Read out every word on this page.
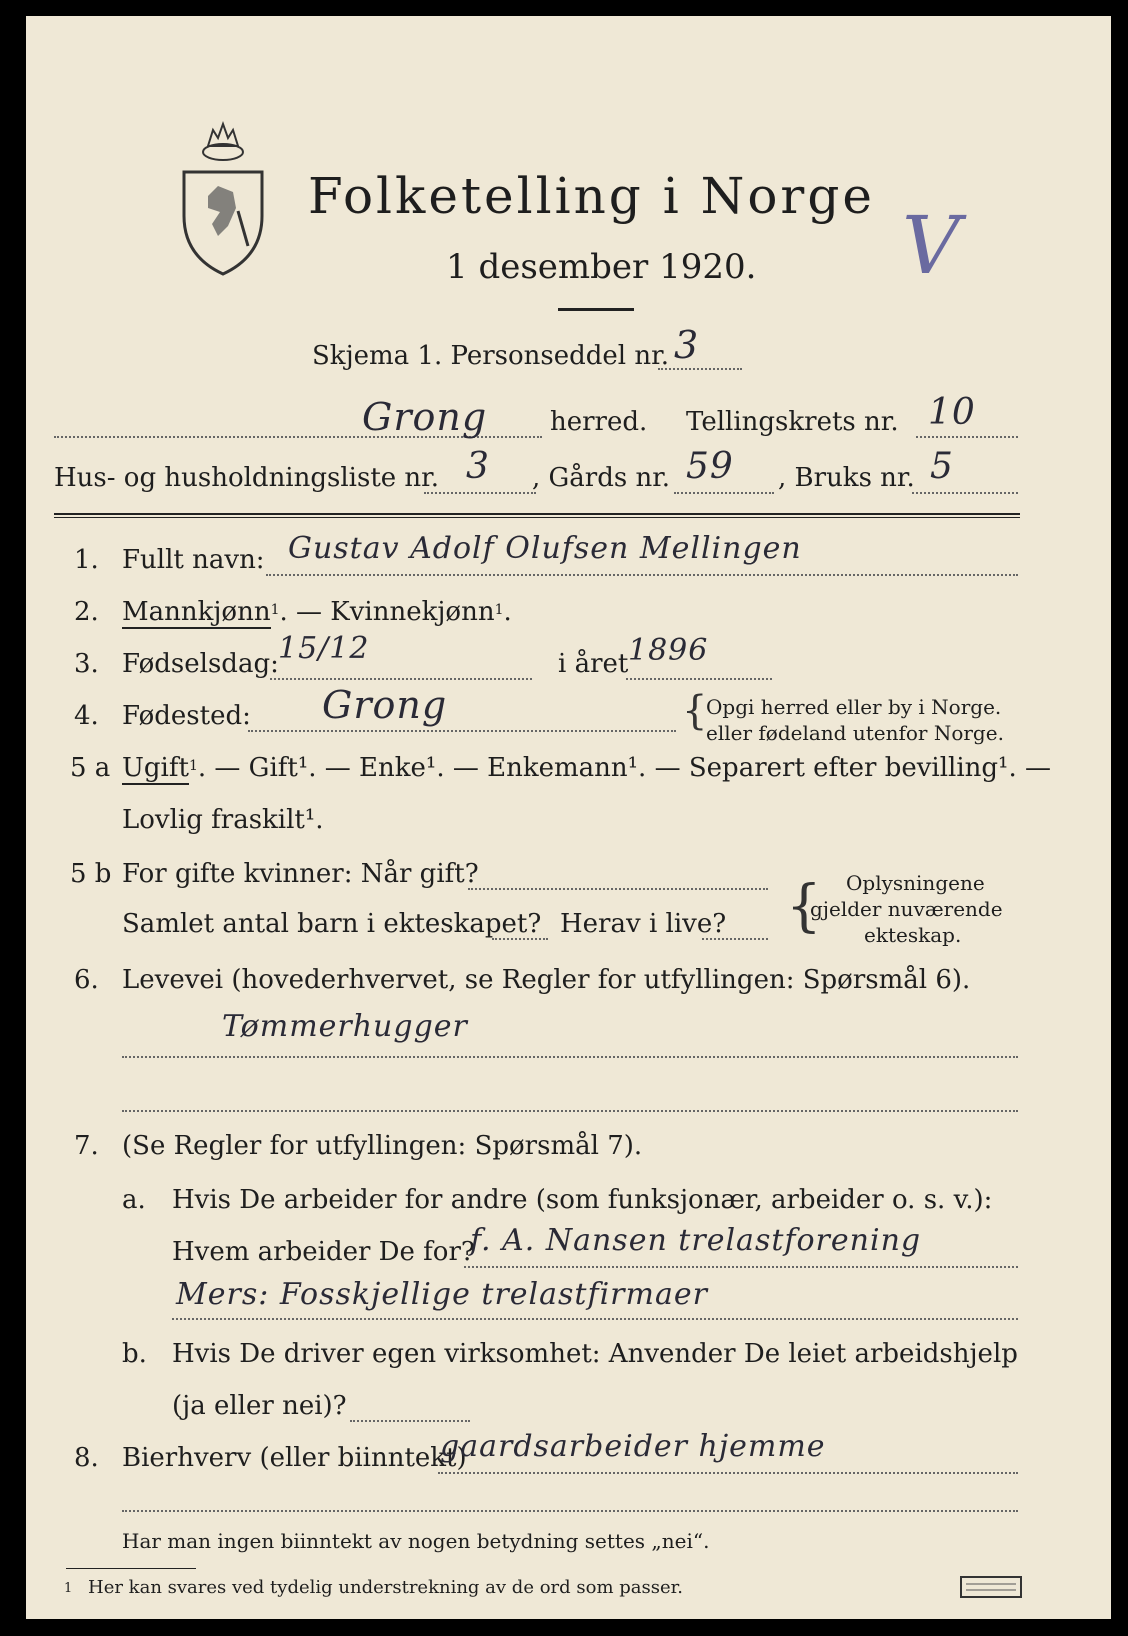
Folketelling i Norge
1 desember 1920. V
Skjema 1. Personseddel nr. 3
Grong herred. Tellingskrets nr. 10
Hus- og husholdningsliste nr. 3 , Gårds nr. 59 , Bruks nr. 5
1. Fullt navn: Gustav Adolf Olufsen Mellingen
2. Mannkjønn$^1$. — Kvinnekjønn$^1$.
3. Fødselsdag: 15/12	i året 1896
4. Fødested: Grong	{
Opgi herred eller by i Norge.
eller fødeland utenfor Norge.
5 a Ugift$^1$. — Gift¹. — Enke¹. — Enkemann¹. — Separert efter bevilling¹. —
Lovlig fraskilt¹.
5 b For gifte kvinner: Når gift?
Samlet antal barn i ekteskapet? Herav i live? { Oplysningene
gjelder nuværende
ekteskap.
6. Levevei (hovederhvervet, se Regler for utfyllingen: Spørsmål 6).
Tømmerhugger
7. (Se Regler for utfyllingen: Spørsmål 7).
a. Hvis De arbeider for andre (som funksjonær, arbeider o. s. v.):
Hvem arbeider De for?
f. A. Nansen trelastforening
Mers: Fosskjellige trelastfirmaer
b. Hvis De driver egen virksomhet: Anvender De leiet arbeidshjelp
(ja eller nei)?
8. Bierhverv (eller biinntekt)
gaardsarbeider hjemme
Har man ingen biinntekt av nogen betydning settes „nei“.
1 Her kan svares ved tydelig understrekning av de ord som passer.
